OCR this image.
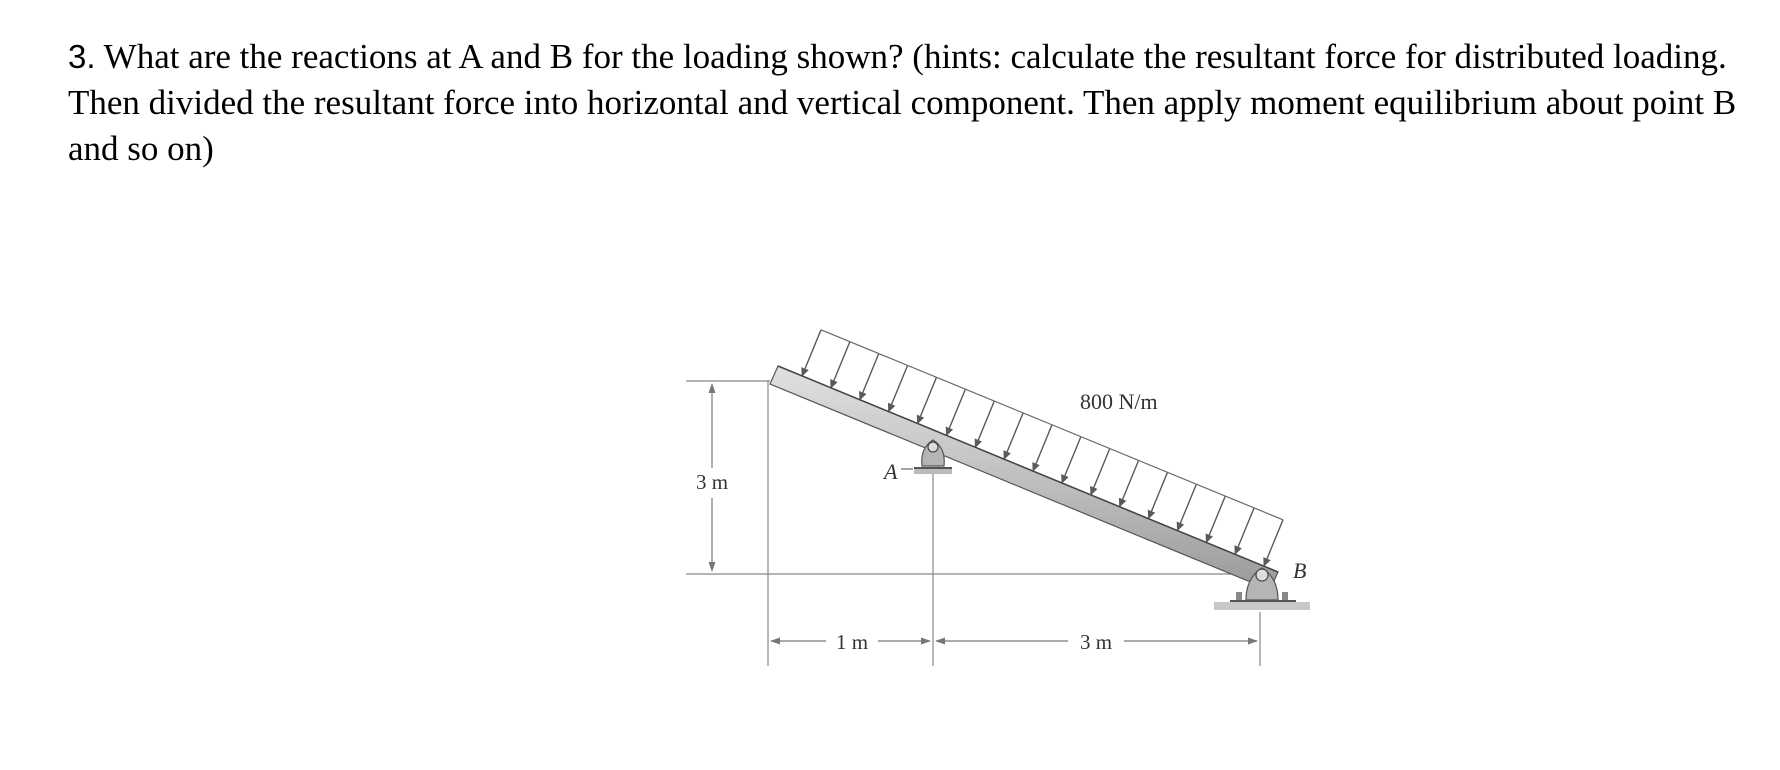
3. What are the reactions at A and B for the loading shown? (hints: calculate the resultant force for distributed loading. Then divided the resultant force into horizontal and vertical component. Then apply moment equilibrium about point B and so on)

3 m
1 m	3 m
A
B
800 N/m
